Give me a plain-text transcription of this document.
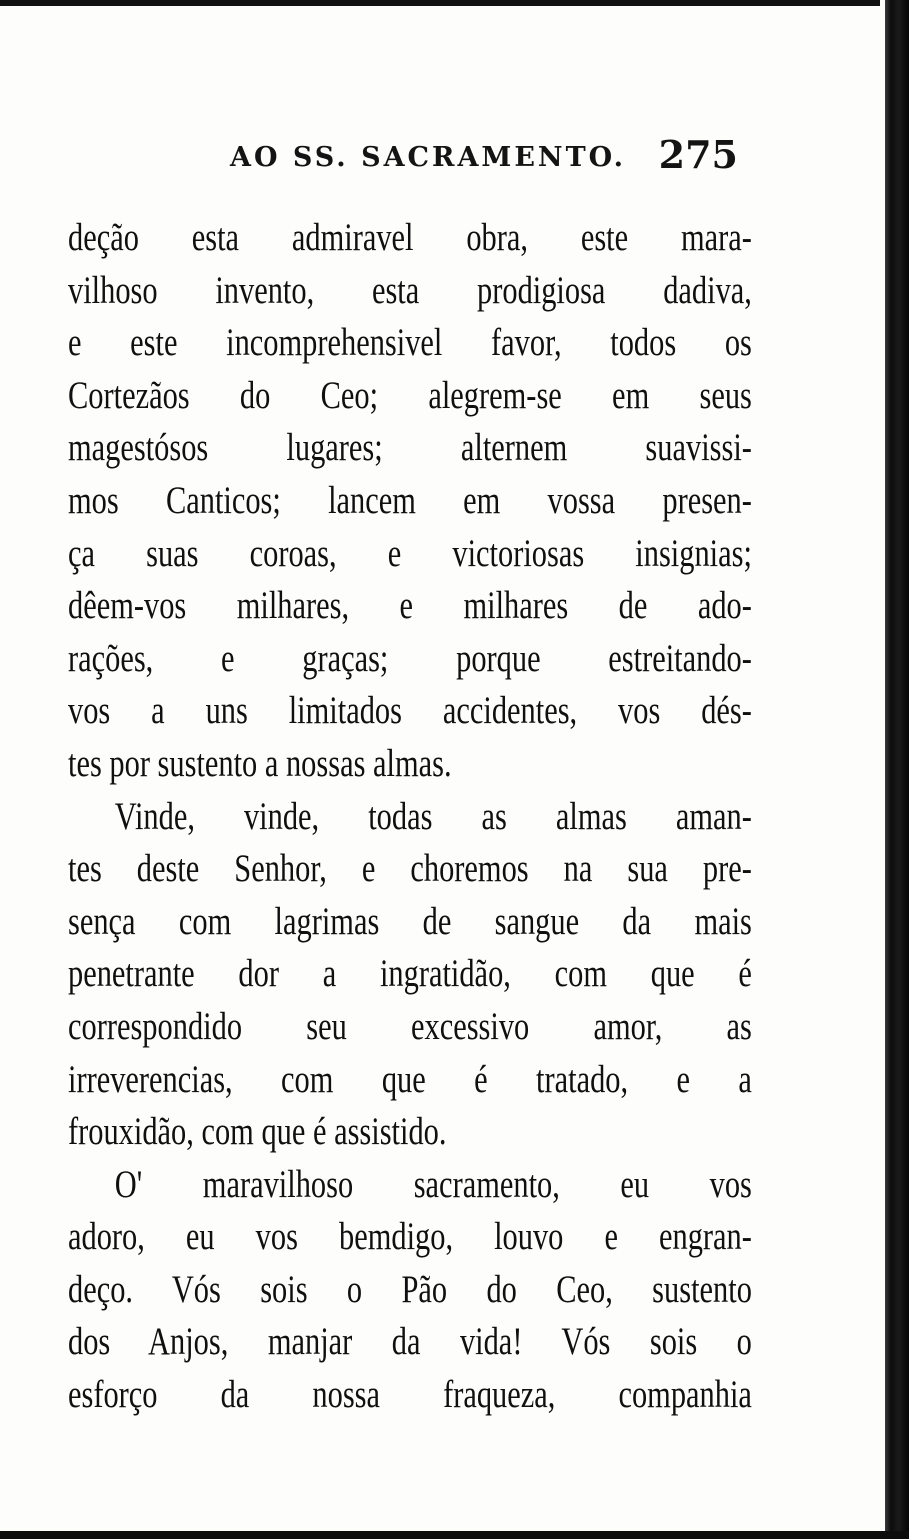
AO SS. SACRAMENTO. 275
deção esta admiravel obra, este mara-
vilhoso invento, esta prodigiosa dadiva,
e este incomprehensivel favor, todos os
Cortezãos do Ceo; alegrem-se em seus
magestósos lugares; alternem suavissi-
mos Canticos; lancem em vossa presen-
ça suas coroas, e victoriosas insignias;
dêem-vos milhares, e milhares de ado-
rações, e graças; porque estreitando-
vos a uns limitados accidentes, vos dés-
tes por sustento a nossas almas.
Vinde, vinde, todas as almas aman-
tes deste Senhor, e choremos na sua pre-
sença com lagrimas de sangue da mais
penetrante dor a ingratidão, com que é
correspondido seu excessivo amor, as
irreverencias, com que é tratado, e a
frouxidão, com que é assistido.
O' maravilhoso sacramento, eu vos
adoro, eu vos bemdigo, louvo e engran-
deço. Vós sois o Pão do Ceo, sustento
dos Anjos, manjar da vida! Vós sois o
esforço da nossa fraqueza, companhia
